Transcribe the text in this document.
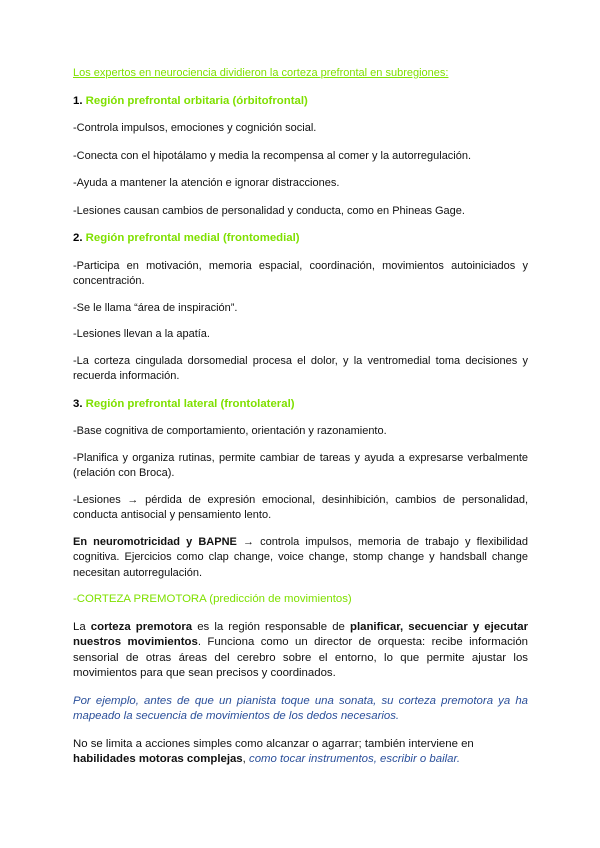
Los expertos en neurociencia dividieron la corteza prefrontal en subregiones:

1. Región prefrontal orbitaria (órbitofrontal)

-Controla impulsos, emociones y cognición social.

-Conecta con el hipotálamo y media la recompensa al comer y la autorregulación.

-Ayuda a mantener la atención e ignorar distracciones.

-Lesiones causan cambios de personalidad y conducta, como en Phineas Gage.

2. Región prefrontal medial (frontomedial)

-Participa en motivación, memoria espacial, coordinación, movimientos autoiniciados y concentración.

-Se le llama “área de inspiración”.

-Lesiones llevan a la apatía.

-La corteza cingulada dorsomedial procesa el dolor, y la ventromedial toma decisiones y recuerda información.

3. Región prefrontal lateral (frontolateral)

-Base cognitiva de comportamiento, orientación y razonamiento.

-Planifica y organiza rutinas, permite cambiar de tareas y ayuda a expresarse verbalmente (relación con Broca).

-Lesiones → pérdida de expresión emocional, desinhibición, cambios de personalidad, conducta antisocial y pensamiento lento.

En neuromotricidad y BAPNE → controla impulsos, memoria de trabajo y flexibilidad cognitiva. Ejercicios como clap change, voice change, stomp change y handsball change necesitan autorregulación.

-CORTEZA PREMOTORA (predicción de movimientos)

La corteza premotora es la región responsable de planificar, secuenciar y ejecutar nuestros movimientos. Funciona como un director de orquesta: recibe información sensorial de otras áreas del cerebro sobre el entorno, lo que permite ajustar los movimientos para que sean precisos y coordinados.

Por ejemplo, antes de que un pianista toque una sonata, su corteza premotora ya ha mapeado la secuencia de movimientos de los dedos necesarios.

No se limita a acciones simples como alcanzar o agarrar; también interviene en habilidades motoras complejas, como tocar instrumentos, escribir o bailar.
